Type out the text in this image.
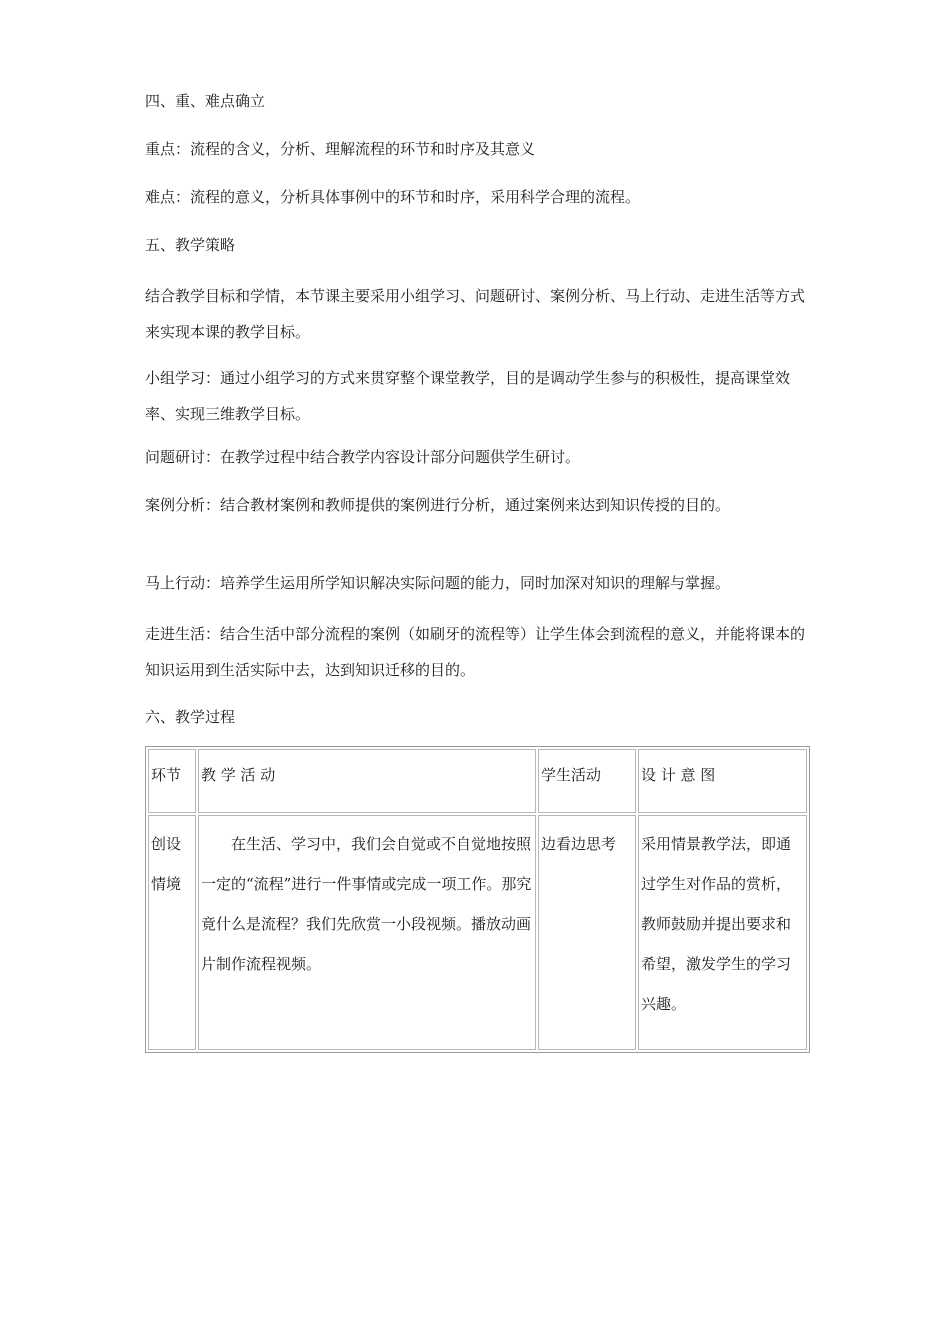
四、重、难点确立

重点：流程的含义，分析、理解流程的环节和时序及其意义

难点：流程的意义，分析具体事例中的环节和时序，采用科学合理的流程。

五、教学策略

结合教学目标和学情，本节课主要采用小组学习、问题研讨、案例分析、马上行动、走进生活等方式来实现本课的教学目标。

小组学习：通过小组学习的方式来贯穿整个课堂教学，目的是调动学生参与的积极性，提高课堂效率、实现三维教学目标。

问题研讨：在教学过程中结合教学内容设计部分问题供学生研讨。

案例分析：结合教材案例和教师提供的案例进行分析，通过案例来达到知识传授的目的。

马上行动：培养学生运用所学知识解决实际问题的能力，同时加深对知识的理解与掌握。

走进生活：结合生活中部分流程的案例（如刷牙的流程等）让学生体会到流程的意义，并能将课本的知识运用到生活实际中去，达到知识迁移的目的。

六、教学过程

环节	教 学 活 动	学生活动	设 计 意 图
创设情境	在生活、学习中，我们会自觉或不自觉地按照一定的“流程”进行一件事情或完成一项工作。那究竟什么是流程？我们先欣赏一小段视频。播放动画片制作流程视频。	边看边思考	采用情景教学法，即通过学生对作品的赏析，教师鼓励并提出要求和希望，激发学生的学习兴趣。
